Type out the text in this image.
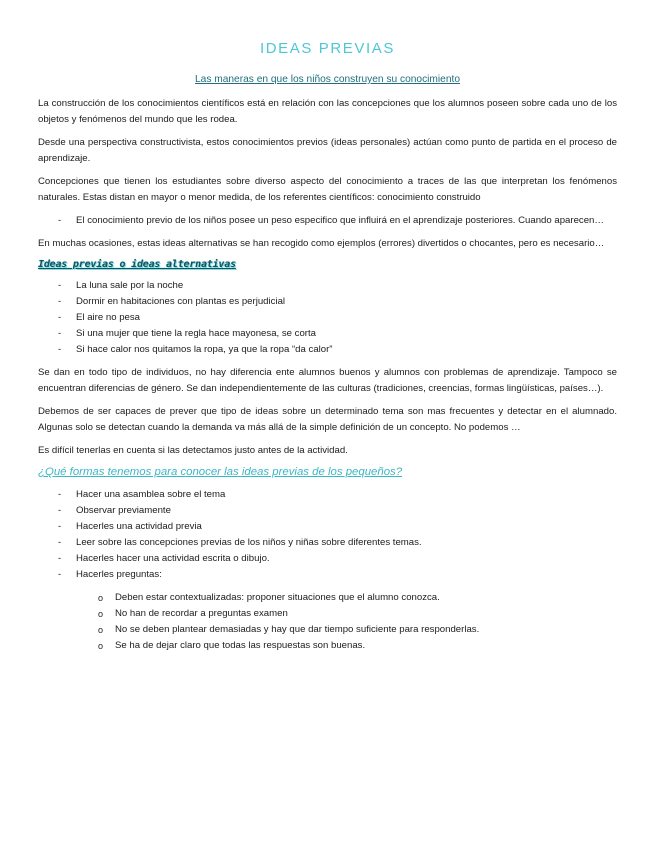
IDEAS PREVIAS
Las maneras en que los niños construyen su conocimiento

La construcción de los conocimientos científicos está en relación con las concepciones que los alumnos poseen sobre cada uno de los objetos y fenómenos del mundo que les rodea.

Desde una perspectiva constructivista, estos conocimientos previos (ideas personales) actúan como punto de partida en el proceso de aprendizaje.

Concepciones que tienen los estudiantes sobre diverso aspecto del conocimiento a traces de las que interpretan los fenómenos naturales. Estas distan en mayor o menor medida, de los referentes científicos: conocimiento construido

- El conocimiento previo de los niños posee un peso especifico que influirá en el aprendizaje posteriores. Cuando aparecen…

En muchas ocasiones, estas ideas alternativas se han recogido como ejemplos (errores) divertidos o chocantes, pero es necesario…

Ideas previas o ideas alternativas
- La luna sale por la noche
- Dormir en habitaciones con plantas es perjudicial
- El aire no pesa
- Si una mujer que tiene la regla hace mayonesa, se corta
- Si hace calor nos quitamos la ropa, ya que la ropa “da calor”

Se dan en todo tipo de individuos, no hay diferencia ente alumnos buenos y alumnos con problemas de aprendizaje. Tampoco se encuentran diferencias de género. Se dan independientemente de las culturas (tradiciones, creencias, formas lingüísticas, países…).

Debemos de ser capaces de prever que tipo de ideas sobre un determinado tema son mas frecuentes y detectar en el alumnado. Algunas solo se detectan cuando la demanda va más allá de la simple definición de un concepto. No podemos …

Es difícil tenerlas en cuenta si las detectamos justo antes de la actividad.

¿Qué formas tenemos para conocer las ideas previas de los pequeños?
- Hacer una asamblea sobre el tema
- Observar previamente
- Hacerles una actividad previa
- Leer sobre las concepciones previas de los niños y niñas sobre diferentes temas.
- Hacerles hacer una actividad escrita o dibujo.
- Hacerles preguntas:
o Deben estar contextualizadas: proponer situaciones que el alumno conozca.
o No han de recordar a preguntas examen
o No se deben plantear demasiadas y hay que dar tiempo suficiente para responderlas.
o Se ha de dejar claro que todas las respuestas son buenas.
